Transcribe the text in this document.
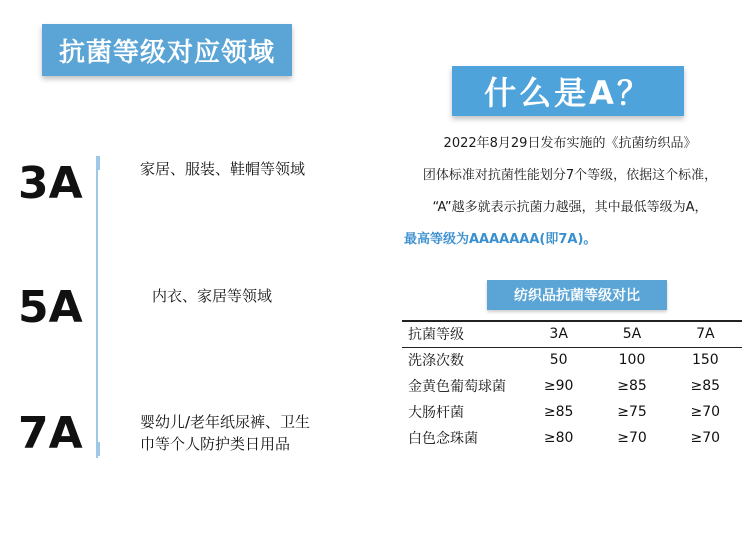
抗菌等级对应领域
3A	家居、服装、鞋帽等领域
5A	内衣、家居等领域
7A	婴幼儿/老年纸尿裤、卫生
巾等个人防护类日用品
什么是A？
2022年8月29日发布实施的《抗菌纺织品》
团体标准对抗菌性能划分7个等级，依据这个标准，
“A”越多就表示抗菌力越强，其中最低等级为A，
最高等级为AAAAAAA(即7A)。
纺织品抗菌等级对比
抗菌等级	3A	5A	7A
洗涤次数	50	100	150
金黄色葡萄球菌	≥90	≥85	≥85
大肠杆菌	≥85	≥75	≥70
白色念珠菌	≥80	≥70	≥70
